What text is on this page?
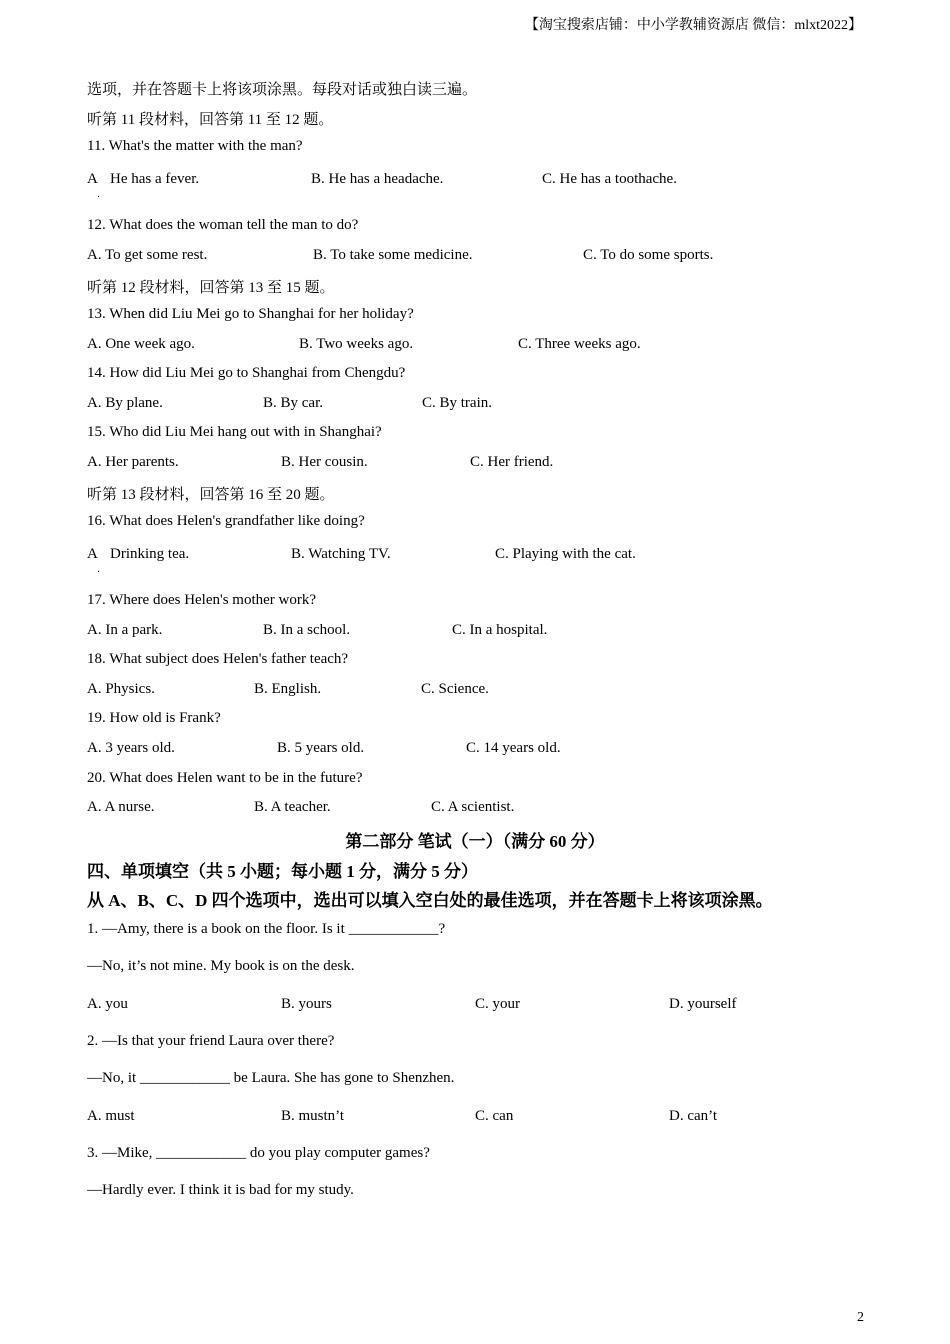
【淘宝搜索店铺：中小学教辅资源店 微信：mlxt2022】
选项，并在答题卡上将该项涂黑。每段对话或独白读三遍。
听第 11 段材料，回答第 11 至 12 题。
11. What's the matter with the man?
A
．
He has a fever.	B. He has a headache.	C. He has a toothache.
12. What does the woman tell the man to do?
A. To get some rest.	B. To take some medicine.	C. To do some sports.
听第 12 段材料，回答第 13 至 15 题。
13. When did Liu Mei go to Shanghai for her holiday?
A. One week ago.	B. Two weeks ago.	C. Three weeks ago.
14. How did Liu Mei go to Shanghai from Chengdu?
A. By plane.	B. By car.	C. By train.
15. Who did Liu Mei hang out with in Shanghai?
A. Her parents.	B. Her cousin.	C. Her friend.
听第 13 段材料，回答第 16 至 20 题。
16. What does Helen's grandfather like doing?
A
．
Drinking tea.	B. Watching TV.	C. Playing with the cat.
17. Where does Helen's mother work?
A. In a park.	B. In a school.	C. In a hospital.
18. What subject does Helen's father teach?
A. Physics.	B. English.	C. Science.
19. How old is Frank?
A. 3 years old.	B. 5 years old.	C. 14 years old.
20. What does Helen want to be in the future?
A. A nurse.	B. A teacher.	C. A scientist.
第二部分 笔试（一）（满分 60 分）
四、单项填空（共 5 小题；每小题 1 分，满分 5 分）
从 A、B、C、D 四个选项中，选出可以填入空白处的最佳选项，并在答题卡上将该项涂黑。
1. —Amy, there is a book on the floor. Is it ____________?
—No, it’s not mine. My book is on the desk.
A. you	B. yours	C. your	D. yourself
2. —Is that your friend Laura over there?
—No, it ____________ be Laura. She has gone to Shenzhen.
A. must	B. mustn’t	C. can	D. can’t
3. —Mike, ____________ do you play computer games?
—Hardly ever. I think it is bad for my study.
2
